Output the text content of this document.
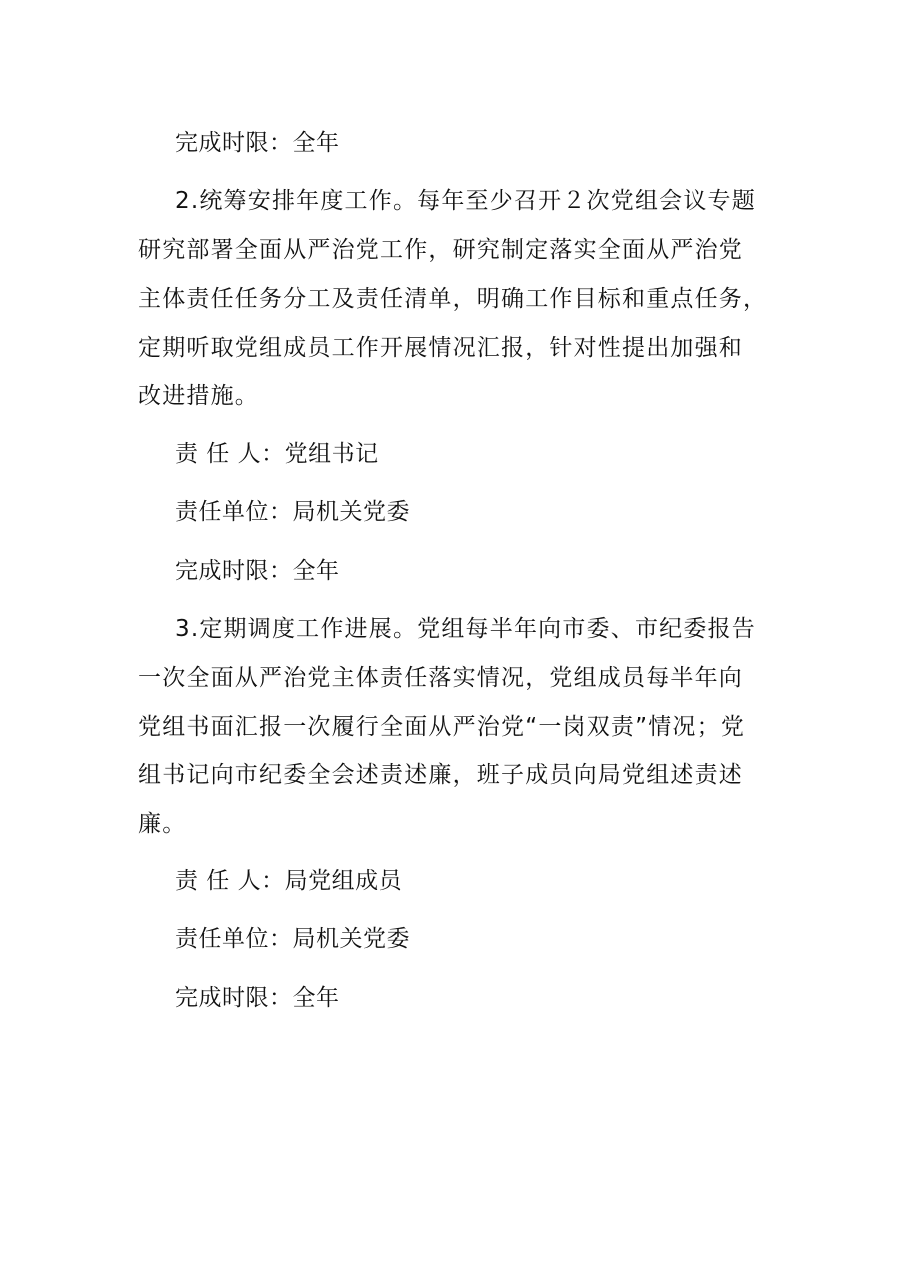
完成时限：全年
2.统筹安排年度工作。每年至少召开２次党组会议专题
研究部署全面从严治党工作，研究制定落实全面从严治党
主体责任任务分工及责任清单，明确工作目标和重点任务，
定期听取党组成员工作开展情况汇报，针对性提出加强和
改进措施。
责 任 人：党组书记
责任单位：局机关党委
完成时限：全年
3.定期调度工作进展。党组每半年向市委、市纪委报告
一次全面从严治党主体责任落实情况，党组成员每半年向
党组书面汇报一次履行全面从严治党“一岗双责”情况；党
组书记向市纪委全会述责述廉，班子成员向局党组述责述
廉。
责 任 人：局党组成员
责任单位：局机关党委
完成时限：全年
